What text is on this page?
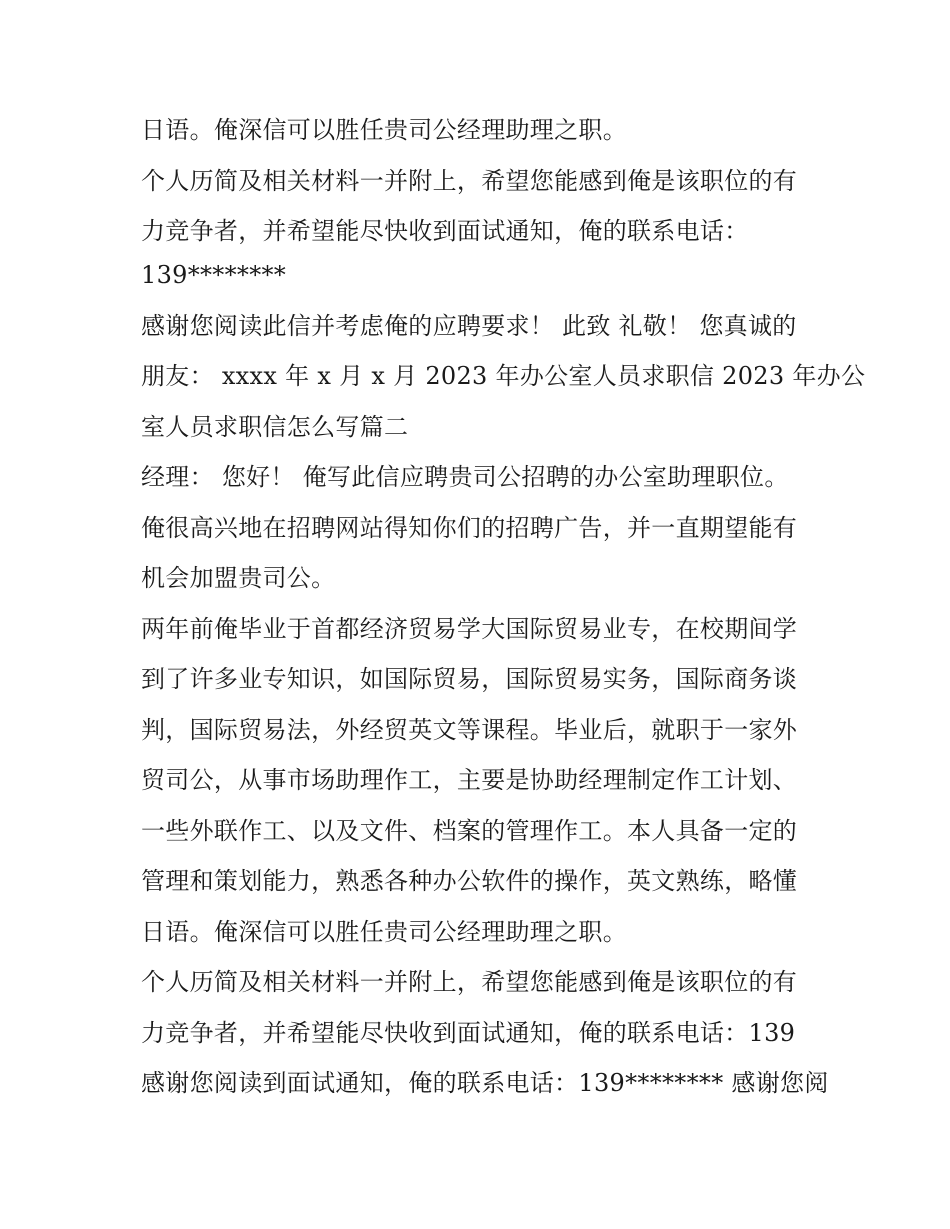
日语。俺深信可以胜任贵司公经理助理之职。
个人历简及相关材料一并附上，希望您能感到俺是该职位的有
力竞争者，并希望能尽快收到面试通知，俺的联系电话：
139********
感谢您阅读此信并考虑俺的应聘要求！ 此致 礼敬！ 您真诚的
朋友： xxxx 年 x 月 x 月 2023 年办公室人员求职信 2023 年办公
室人员求职信怎么写篇二
经理： 您好！ 俺写此信应聘贵司公招聘的办公室助理职位。
俺很高兴地在招聘网站得知你们的招聘广告，并一直期望能有
机会加盟贵司公。
两年前俺毕业于首都经济贸易学大国际贸易业专，在校期间学
到了许多业专知识，如国际贸易，国际贸易实务，国际商务谈
判，国际贸易法，外经贸英文等课程。毕业后，就职于一家外
贸司公，从事市场助理作工，主要是协助经理制定作工计划、
一些外联作工、以及文件、档案的管理作工。本人具备一定的
管理和策划能力，熟悉各种办公软件的操作，英文熟练，略懂
日语。俺深信可以胜任贵司公经理助理之职。
个人历简及相关材料一并附上，希望您能感到俺是该职位的有
力竞争者，并希望能尽快收到面试通知，俺的联系电话：139
感谢您阅读到面试通知，俺的联系电话：139******** 感谢您阅
